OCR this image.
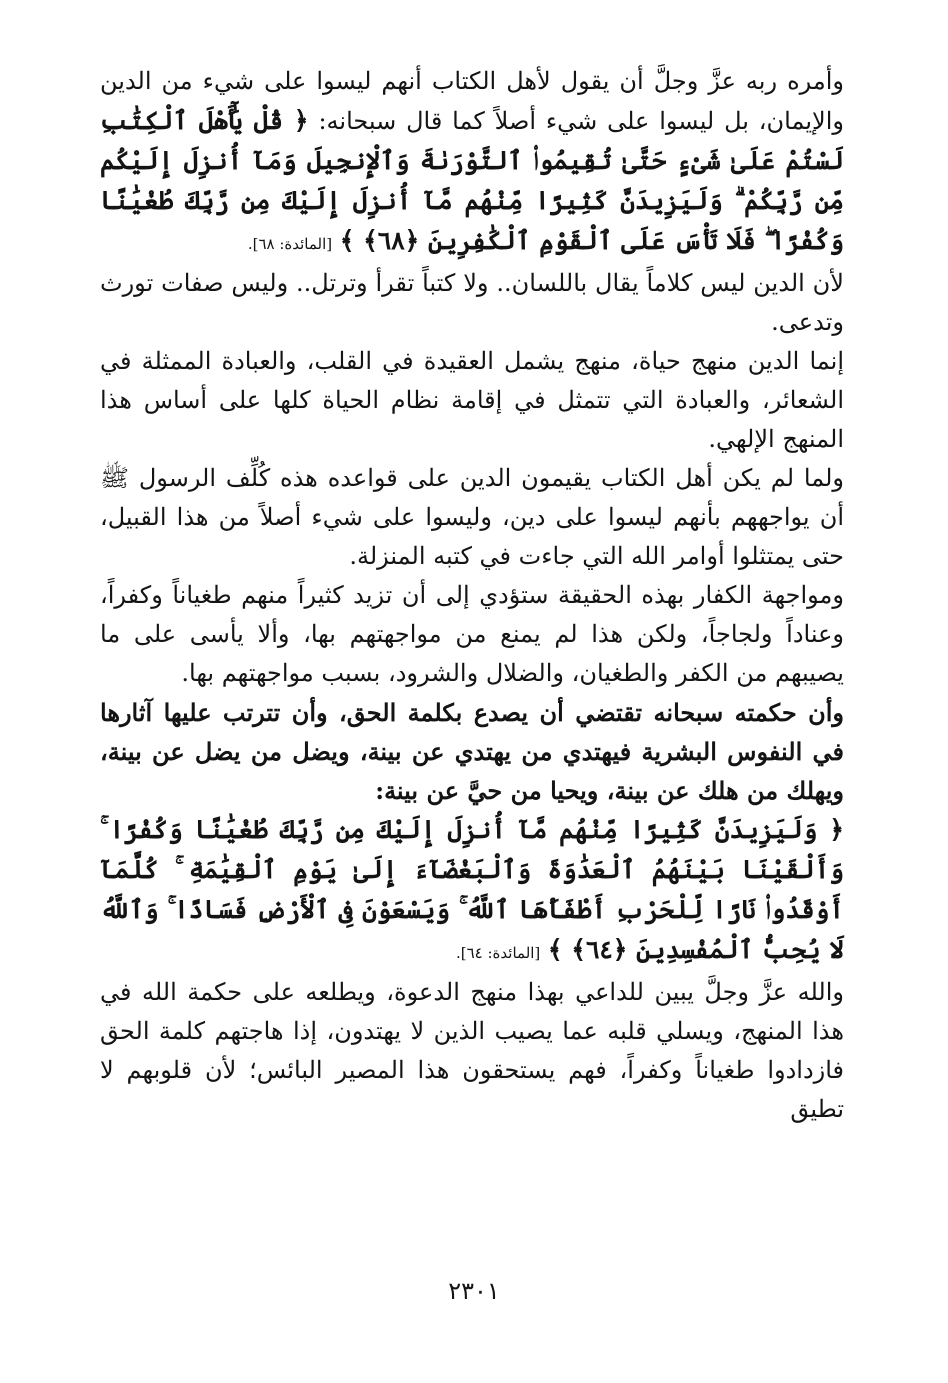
وأمره ربه عزَّ وجلَّ أن يقول لأهل الكتاب أنهم ليسوا على شيء من الدين والإيمان، بل ليسوا على شيء أصلاً كما قال سبحانه: ﴿ قُلْ يَٰٓأَهْلَ ٱلْكِتَٰبِ لَسْتُمْ عَلَىٰ شَىْءٍ حَتَّىٰ تُقِيمُوا۟ ٱلتَّوْرَىٰةَ وَٱلْإِنجِيلَ وَمَآ أُنزِلَ إِلَيْكُم مِّن رَّبِّكُمْ ۗ وَلَيَزِيدَنَّ كَثِيرًا مِّنْهُم مَّآ أُنزِلَ إِلَيْكَ مِن رَّبِّكَ طُغْيَٰنًا وَكُفْرًا ۖ فَلَا تَأْسَ عَلَى ٱلْقَوْمِ ٱلْكَٰفِرِينَ ﴿٦٨﴾ ﴾ [المائدة: ٦٨].

لأن الدين ليس كلاماً يقال باللسان.. ولا كتباً تقرأ وترتل.. وليس صفات تورث وتدعى.

إنما الدين منهج حياة، منهج يشمل العقيدة في القلب، والعبادة الممثلة في الشعائر، والعبادة التي تتمثل في إقامة نظام الحياة كلها على أساس هذا المنهج الإلهي.

ولما لم يكن أهل الكتاب يقيمون الدين على قواعده هذه كُلِّف الرسول ﷺ أن يواجههم بأنهم ليسوا على دين، وليسوا على شيء أصلاً من هذا القبيل، حتى يمتثلوا أوامر الله التي جاءت في كتبه المنزلة.

ومواجهة الكفار بهذه الحقيقة ستؤدي إلى أن تزيد كثيراً منهم طغياناً وكفراً، وعناداً ولجاجاً، ولكن هذا لم يمنع من مواجهتهم بها، وألا يأسى على ما يصيبهم من الكفر والطغيان، والضلال والشرود، بسبب مواجهتهم بها.

وأن حكمته سبحانه تقتضي أن يصدع بكلمة الحق، وأن تترتب عليها آثارها في النفوس البشرية فيهتدي من يهتدي عن بينة، ويضل من يضل عن بينة، ويهلك من هلك عن بينة، ويحيا من حيَّ عن بينة:

﴿ وَلَيَزِيدَنَّ كَثِيرًا مِّنْهُم مَّآ أُنزِلَ إِلَيْكَ مِن رَّبِّكَ طُغْيَٰنًا وَكُفْرًا ۚ وَأَلْقَيْنَا بَيْنَهُمُ ٱلْعَدَٰوَةَ وَٱلْبَغْضَآءَ إِلَىٰ يَوْمِ ٱلْقِيَٰمَةِ ۚ كُلَّمَآ أَوْقَدُوا۟ نَارًا لِّلْحَرْبِ أَطْفَأَهَا ٱللَّهُ ۚ وَيَسْعَوْنَ فِى ٱلْأَرْضِ فَسَادًا ۚ وَٱللَّهُ لَا يُحِبُّ ٱلْمُفْسِدِينَ ﴿٦٤﴾ ﴾ [المائدة: ٦٤].

والله عزَّ وجلَّ يبين للداعي بهذا منهج الدعوة، ويطلعه على حكمة الله في هذا المنهج، ويسلي قلبه عما يصيب الذين لا يهتدون، إذا هاجتهم كلمة الحق فازدادوا طغياناً وكفراً، فهم يستحقون هذا المصير البائس؛ لأن قلوبهم لا تطيق

٢٣٠١
